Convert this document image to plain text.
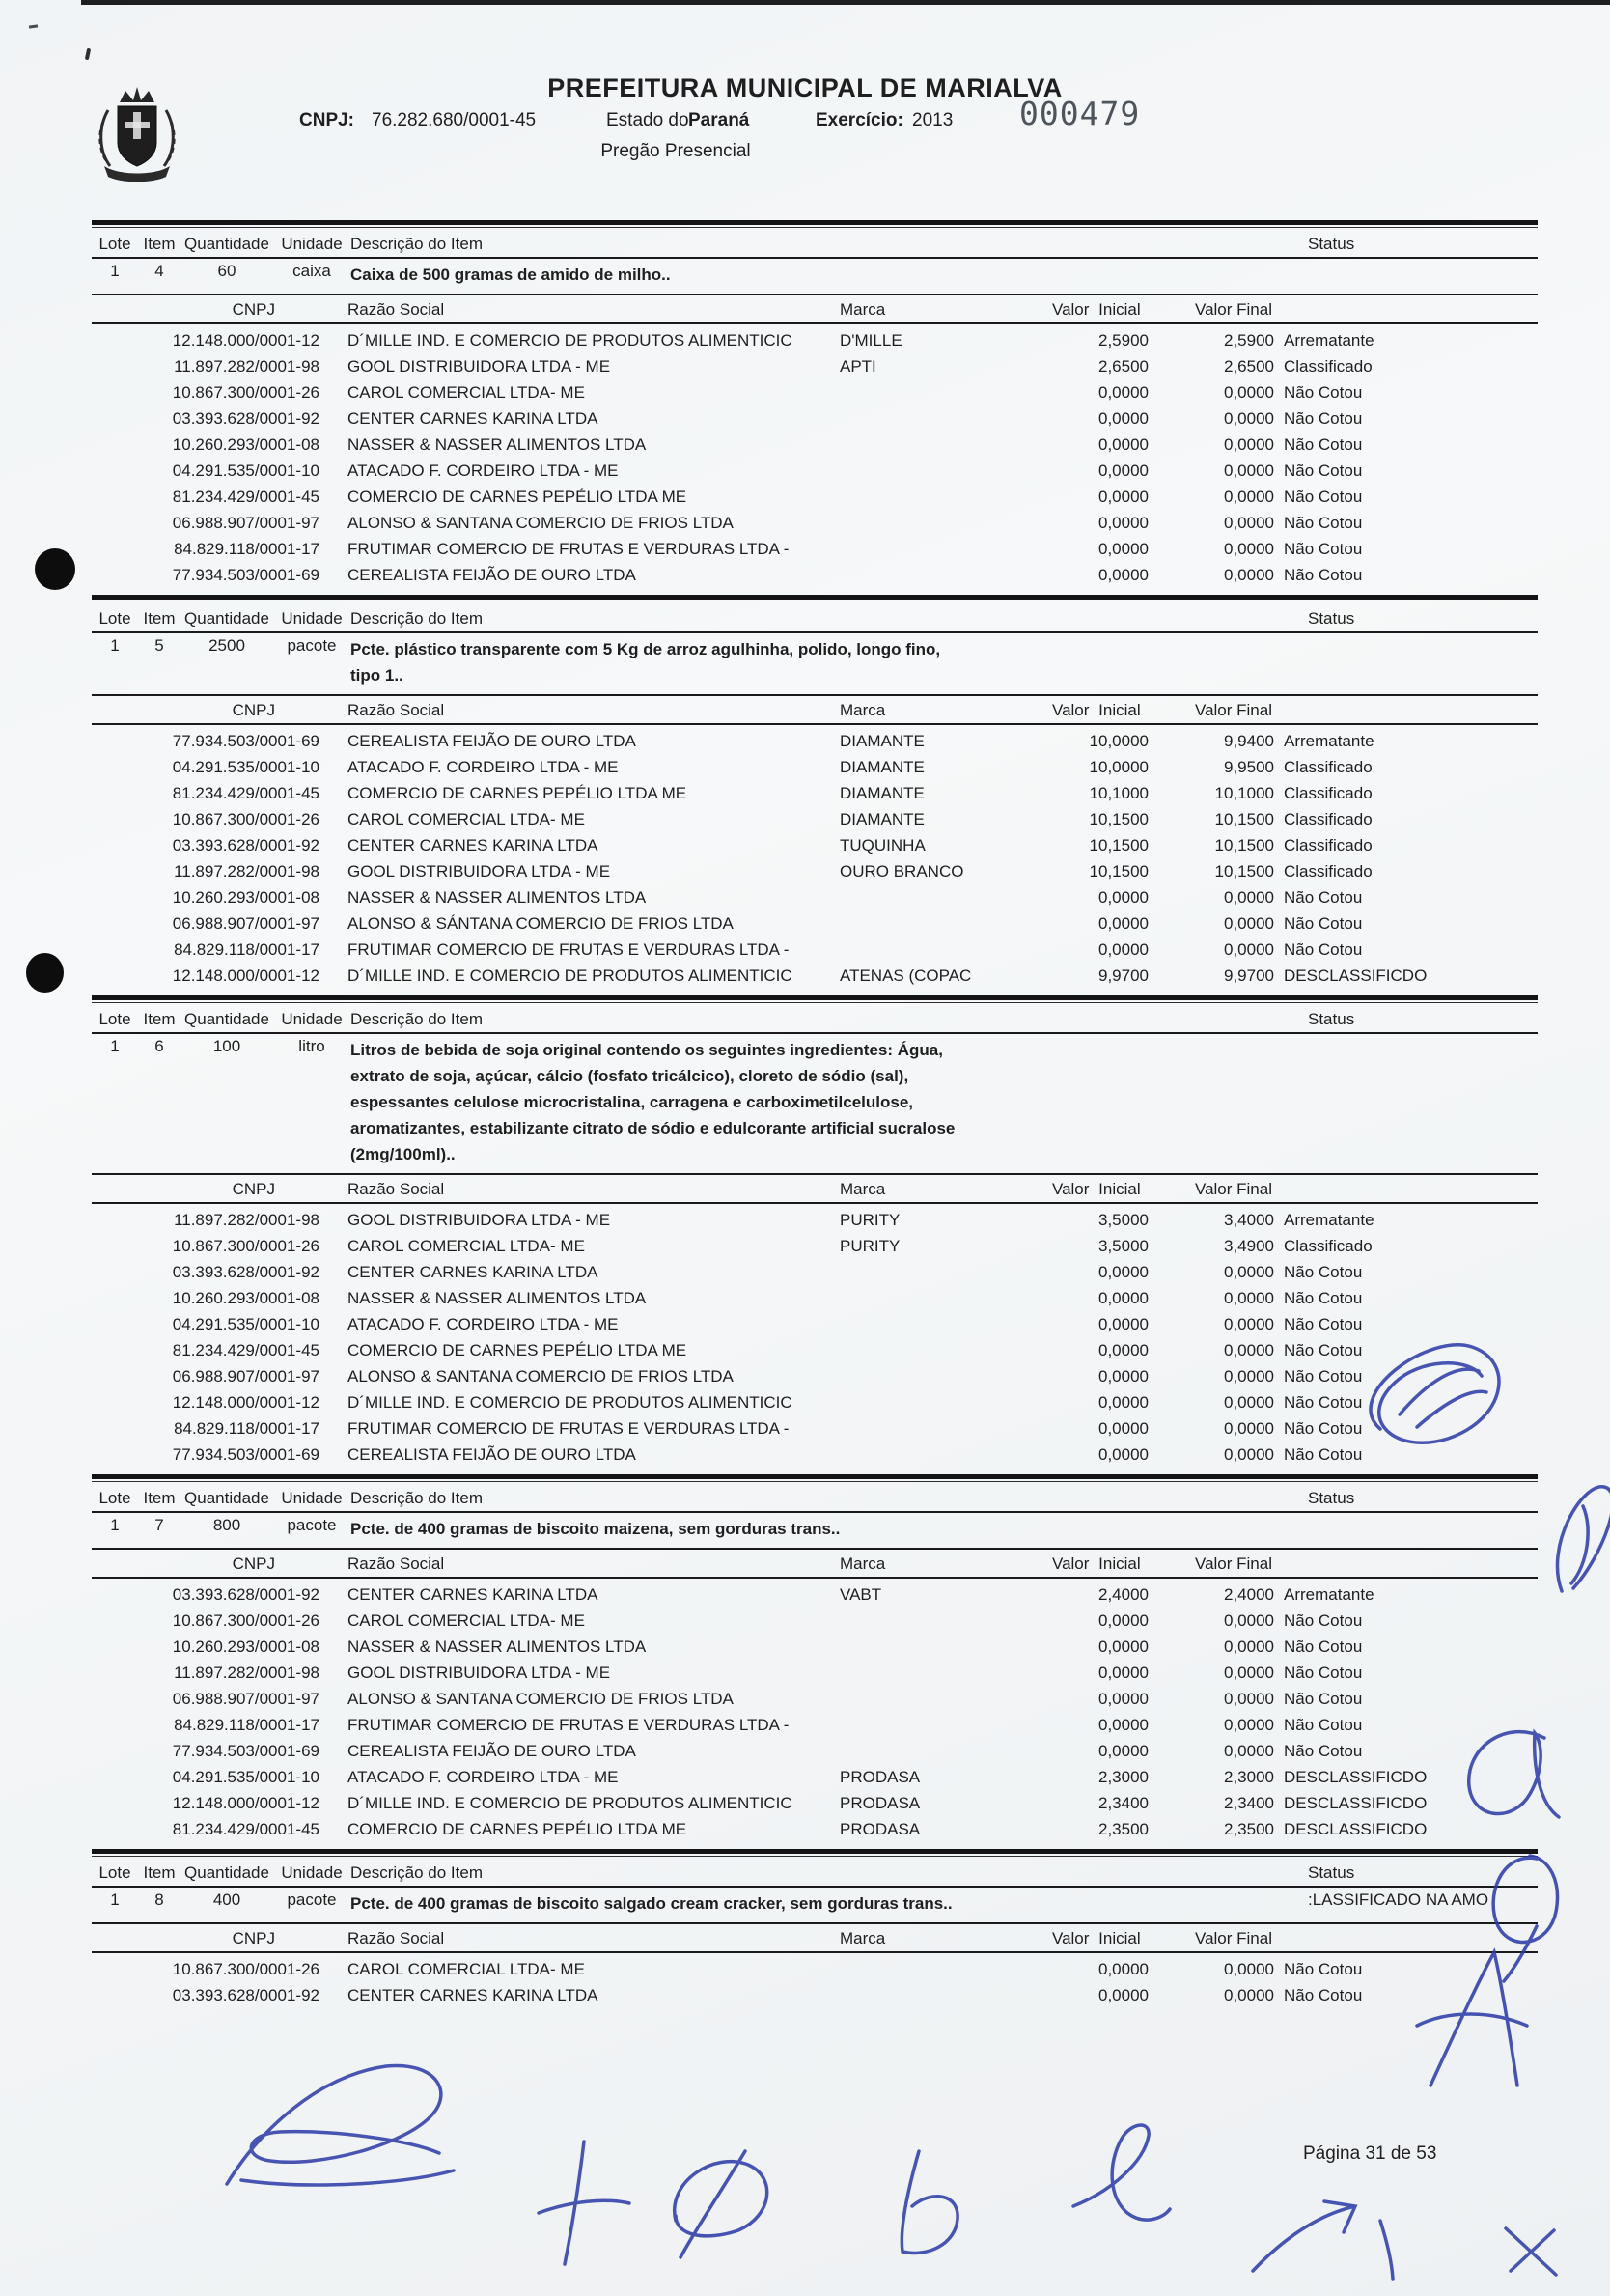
PREFEITURA MUNICIPAL DE MARIALVA
CNPJ: 76.282.680/0001-45	Estado do Paraná	Exercício: 2013 000479
Pregão Presencial
Lote Item Quantidade Unidade Descrição do Item	Status
1	4	60	caixa	Caixa de 500 gramas de amido de milho..
CNPJ	Razão Social	Marca	Valor Inicial	Valor Final
12.148.000/0001-12	D´MILLE IND. E COMERCIO DE PRODUTOS ALIMENTICIC	D'MILLE	2,5900	2,5900 Arrematante
11.897.282/0001-98	GOOL DISTRIBUIDORA LTDA - ME	APTI	2,6500	2,6500 Classificado
10.867.300/0001-26	CAROL COMERCIAL LTDA- ME	0,0000	0,0000 Não Cotou
03.393.628/0001-92	CENTER CARNES KARINA LTDA	0,0000	0,0000 Não Cotou
10.260.293/0001-08	NASSER & NASSER ALIMENTOS LTDA	0,0000	0,0000 Não Cotou
04.291.535/0001-10	ATACADO F. CORDEIRO LTDA - ME	0,0000	0,0000 Não Cotou
81.234.429/0001-45	COMERCIO DE CARNES PEPÉLIO LTDA ME	0,0000	0,0000 Não Cotou
06.988.907/0001-97	ALONSO & SANTANA COMERCIO DE FRIOS LTDA	0,0000	0,0000 Não Cotou
84.829.118/0001-17	FRUTIMAR COMERCIO DE FRUTAS E VERDURAS LTDA -	0,0000	0,0000 Não Cotou
77.934.503/0001-69	CEREALISTA FEIJÃO DE OURO LTDA	0,0000	0,0000 Não Cotou
Lote Item Quantidade Unidade Descrição do Item	Status
1	5	2500	pacote Pcte. plástico transparente com 5 Kg de arroz agulhinha, polido, longo fino,
tipo 1..
CNPJ	Razão Social	Marca	Valor Inicial	Valor Final
77.934.503/0001-69	CEREALISTA FEIJÃO DE OURO LTDA	DIAMANTE	10,0000	9,9400 Arrematante
04.291.535/0001-10	ATACADO F. CORDEIRO LTDA - ME	DIAMANTE	10,0000	9,9500 Classificado
81.234.429/0001-45	COMERCIO DE CARNES PEPÉLIO LTDA ME	DIAMANTE	10,1000	10,1000 Classificado
10.867.300/0001-26	CAROL COMERCIAL LTDA- ME	DIAMANTE	10,1500	10,1500 Classificado
03.393.628/0001-92	CENTER CARNES KARINA LTDA	TUQUINHA	10,1500	10,1500 Classificado
11.897.282/0001-98	GOOL DISTRIBUIDORA LTDA - ME	OURO BRANCO	10,1500	10,1500 Classificado
10.260.293/0001-08	NASSER & NASSER ALIMENTOS LTDA	0,0000	0,0000 Não Cotou
06.988.907/0001-97	ALONSO & SÁNTANA COMERCIO DE FRIOS LTDA	0,0000	0,0000 Não Cotou
84.829.118/0001-17	FRUTIMAR COMERCIO DE FRUTAS E VERDURAS LTDA -	0,0000	0,0000 Não Cotou
12.148.000/0001-12	D´MILLE IND. E COMERCIO DE PRODUTOS ALIMENTICIC	ATENAS (COPAC	9,9700	9,9700 DESCLASSIFICDO
Lote Item Quantidade Unidade Descrição do Item	Status
1	6	100	litro	Litros de bebida de soja original contendo os seguintes ingredientes: Água,
extrato de soja, açúcar, cálcio (fosfato tricálcico), cloreto de sódio (sal),
espessantes celulose microcristalina, carragena e carboximetilcelulose,
aromatizantes, estabilizante citrato de sódio e edulcorante artificial sucralose
(2mg/100ml)..
CNPJ	Razão Social	Marca	Valor Inicial	Valor Final
11.897.282/0001-98	GOOL DISTRIBUIDORA LTDA - ME	PURITY	3,5000	3,4000 Arrematante
10.867.300/0001-26	CAROL COMERCIAL LTDA- ME	PURITY	3,5000	3,4900 Classificado
03.393.628/0001-92	CENTER CARNES KARINA LTDA	0,0000	0,0000 Não Cotou
10.260.293/0001-08	NASSER & NASSER ALIMENTOS LTDA	0,0000	0,0000 Não Cotou
04.291.535/0001-10	ATACADO F. CORDEIRO LTDA - ME	0,0000	0,0000 Não Cotou
81.234.429/0001-45	COMERCIO DE CARNES PEPÉLIO LTDA ME	0,0000	0,0000 Não Cotou
06.988.907/0001-97	ALONSO & SANTANA COMERCIO DE FRIOS LTDA	0,0000	0,0000 Não Cotou
12.148.000/0001-12	D´MILLE IND. E COMERCIO DE PRODUTOS ALIMENTICIC	0,0000	0,0000 Não Cotou
84.829.118/0001-17	FRUTIMAR COMERCIO DE FRUTAS E VERDURAS LTDA -	0,0000	0,0000 Não Cotou
77.934.503/0001-69	CEREALISTA FEIJÃO DE OURO LTDA	0,0000	0,0000 Não Cotou
Lote Item Quantidade Unidade Descrição do Item	Status
1	7	800	pacote Pcte. de 400 gramas de biscoito maizena, sem gorduras trans..
CNPJ	Razão Social	Marca	Valor Inicial	Valor Final
03.393.628/0001-92	CENTER CARNES KARINA LTDA	VABT	2,4000	2,4000 Arrematante
10.867.300/0001-26	CAROL COMERCIAL LTDA- ME	0,0000	0,0000 Não Cotou
10.260.293/0001-08	NASSER & NASSER ALIMENTOS LTDA	0,0000	0,0000 Não Cotou
11.897.282/0001-98	GOOL DISTRIBUIDORA LTDA - ME	0,0000	0,0000 Não Cotou
06.988.907/0001-97	ALONSO & SANTANA COMERCIO DE FRIOS LTDA	0,0000	0,0000 Não Cotou
84.829.118/0001-17	FRUTIMAR COMERCIO DE FRUTAS E VERDURAS LTDA -	0,0000	0,0000 Não Cotou
77.934.503/0001-69	CEREALISTA FEIJÃO DE OURO LTDA	0,0000	0,0000 Não Cotou
04.291.535/0001-10	ATACADO F. CORDEIRO LTDA - ME	PRODASA	2,3000	2,3000 DESCLASSIFICDO
12.148.000/0001-12	D´MILLE IND. E COMERCIO DE PRODUTOS ALIMENTICIC	PRODASA	2,3400	2,3400 DESCLASSIFICDO
81.234.429/0001-45	COMERCIO DE CARNES PEPÉLIO LTDA ME	PRODASA	2,3500	2,3500 DESCLASSIFICDO
Lote Item Quantidade Unidade Descrição do Item	Status
1	8	400	pacote Pcte. de 400 gramas de biscoito salgado cream cracker, sem gorduras trans..	:LASSIFICADO NA AMO
CNPJ	Razão Social	Marca	Valor Inicial	Valor Final
10.867.300/0001-26	CAROL COMERCIAL LTDA- ME	0,0000	0,0000 Não Cotou
03.393.628/0001-92	CENTER CARNES KARINA LTDA	0,0000	0,0000 Não Cotou
Página 31 de 53
